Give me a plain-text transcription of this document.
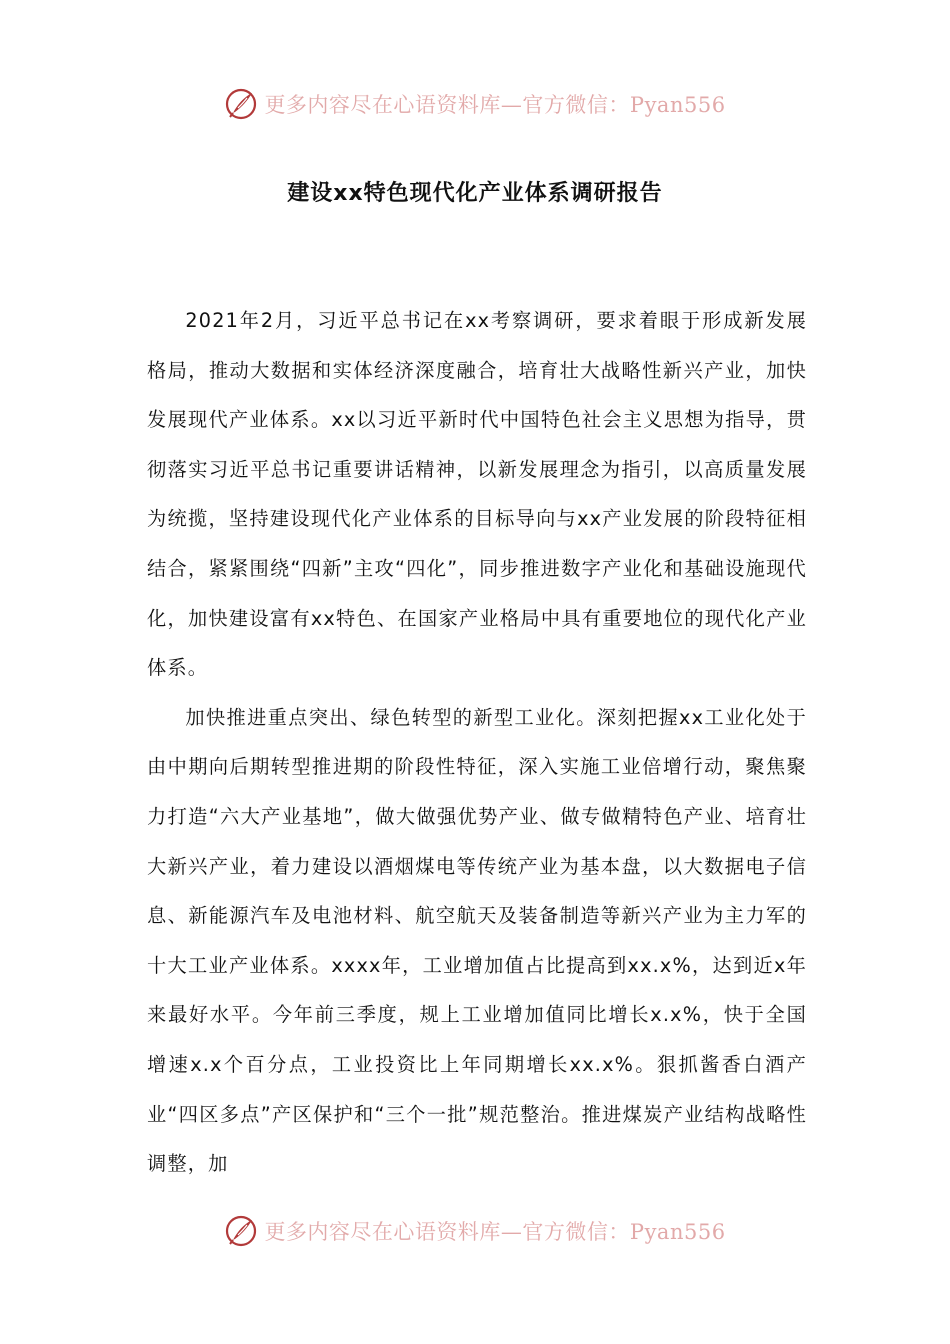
更多内容尽在心语资料库—官方微信：Pyan556
建设xx特色现代化产业体系调研报告

2021年2月，习近平总书记在xx考察调研，要求着眼于形成新发展格局，推动大数据和实体经济深度融合，培育壮大战略性新兴产业，加快发展现代产业体系。xx以习近平新时代中国特色社会主义思想为指导，贯彻落实习近平总书记重要讲话精神，以新发展理念为指引，以高质量发展为统揽，坚持建设现代化产业体系的目标导向与xx产业发展的阶段特征相结合，紧紧围绕“四新”主攻“四化”，同步推进数字产业化和基础设施现代化，加快建设富有xx特色、在国家产业格局中具有重要地位的现代化产业体系。

加快推进重点突出、绿色转型的新型工业化。深刻把握xx工业化处于由中期向后期转型推进期的阶段性特征，深入实施工业倍增行动，聚焦聚力打造“六大产业基地”，做大做强优势产业、做专做精特色产业、培育壮大新兴产业，着力建设以酒烟煤电等传统产业为基本盘，以大数据电子信息、新能源汽车及电池材料、航空航天及装备制造等新兴产业为主力军的十大工业产业体系。xxxx年，工业增加值占比提高到xx.x%，达到近x年来最好水平。今年前三季度，规上工业增加值同比增长x.x%，快于全国增速x.x个百分点，工业投资比上年同期增长xx.x%。狠抓酱香白酒产业“四区多点”产区保护和“三个一批”规范整治。推进煤炭产业结构战略性调整，加

更多内容尽在心语资料库—官方微信：Pyan556
